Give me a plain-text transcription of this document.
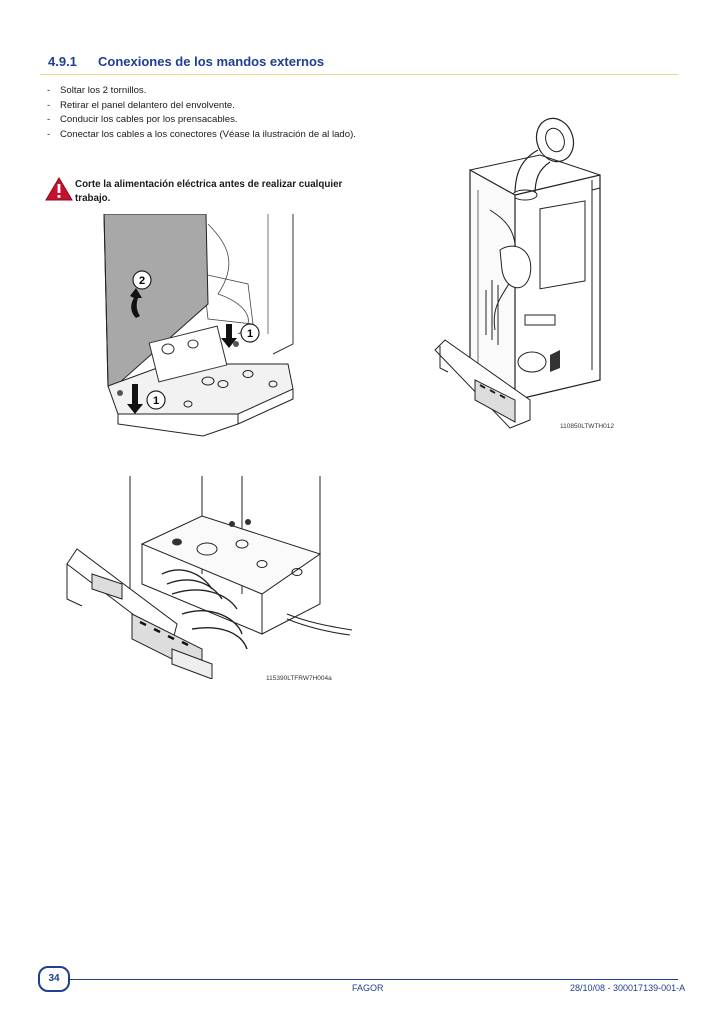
4.9.1 Conexiones de los mandos externos
- Soltar los 2 tornillos.
- Retirar el panel delantero del envolvente.
- Conducir los cables por los prensacables.
- Conectar los cables a los conectores (Véase la ilustración de al lado).
Corte la alimentación eléctrica antes de realizar cualquier trabajo.
2
1
1
110850LTWTH012
115390LTFRW7H004a
34
FAGOR	28/10/08 - 300017139-001-A
